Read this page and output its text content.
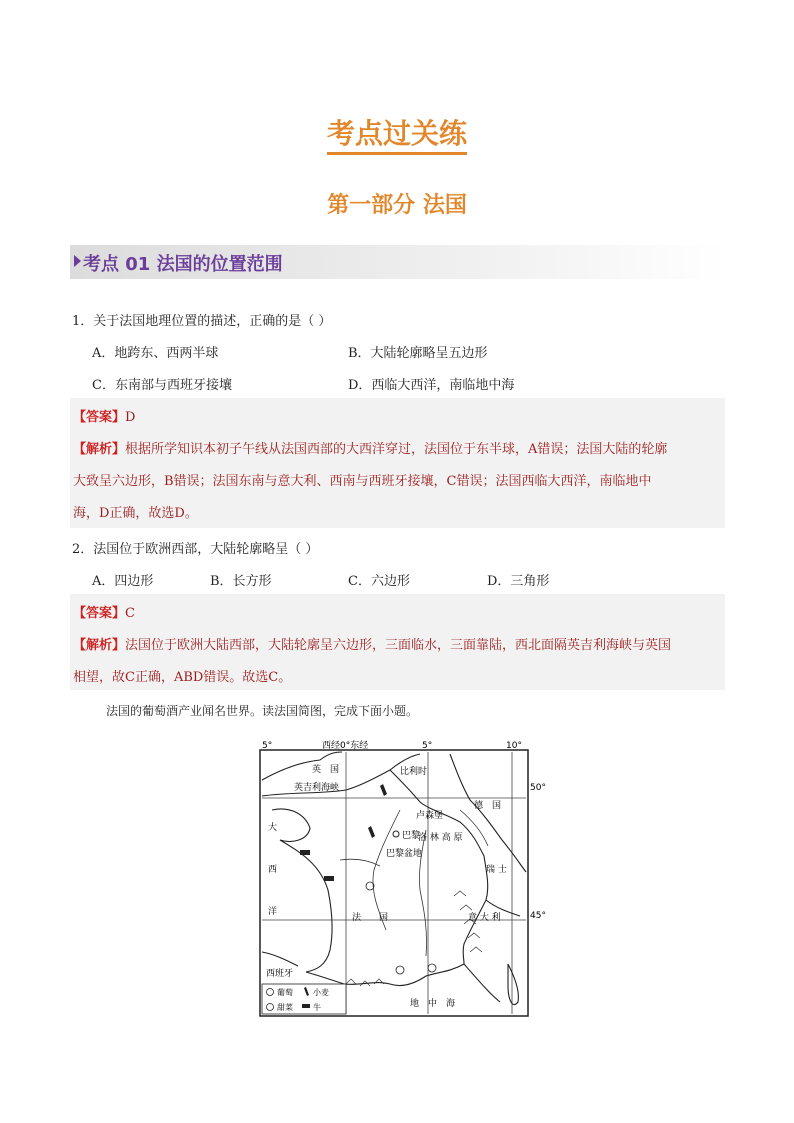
考点过关练
第一部分 法国
考点 01 法国的位置范围
1．关于法国地理位置的描述，正确的是（ ）
A．地跨东、西两半球	B．大陆轮廓略呈五边形
C．东南部与西班牙接壤	D．西临大西洋，南临地中海
【答案】D
【解析】根据所学知识本初子午线从法国西部的大西洋穿过，法国位于东半球，A错误；法国大陆的轮廓
大致呈六边形，B错误；法国东南与意大利、西南与西班牙接壤，C错误；法国西临大西洋，南临地中
海，D正确，故选D。
2．法国位于欧洲西部，大陆轮廓略呈（ ）
A．四边形	B．长方形	C．六边形	D．三角形
【答案】C
【解析】法国位于欧洲大陆西部，大陆轮廓呈六边形，三面临水，三面靠陆，西北面隔英吉利海峡与英国
相望，故C正确，ABD错误。故选C。
法国的葡萄酒产业闻名世界。读法国简图，完成下面小题。
5°	西经0°东经	5°	10°
50°
45°
英　国
英吉利海峡
比利时
卢森堡
德　国
巴黎
洛 林 高 原
巴黎盆地
瑞 士
意 大 利
法　　国
大
西
洋
西班牙
地　中　海
葡萄	小麦
甜菜	牛
